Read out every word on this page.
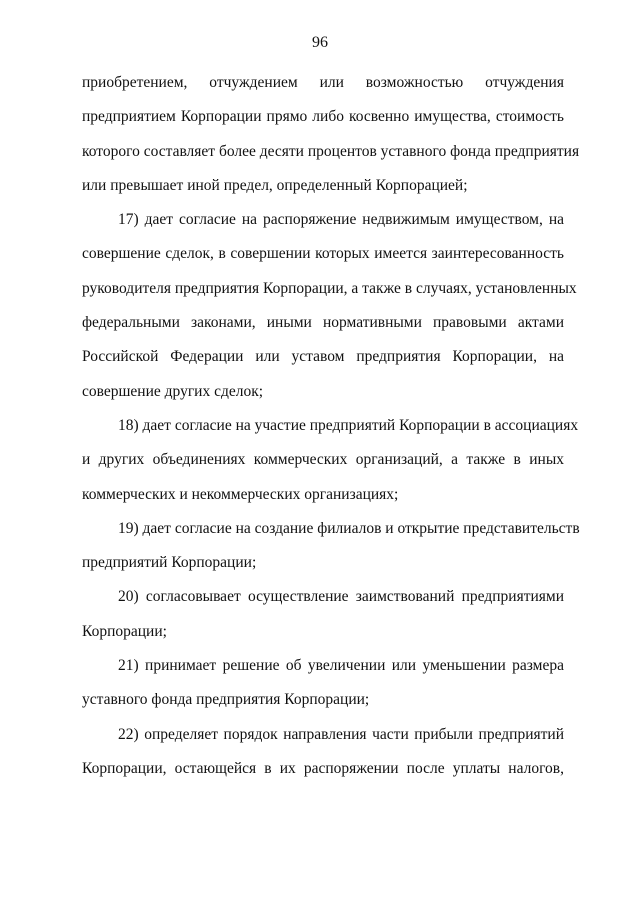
96

приобретением, отчуждением или возможностью отчуждения
предприятием Корпорации прямо либо косвенно имущества, стоимость
которого составляет более десяти процентов уставного фонда предприятия
или превышает иной предел, определенный Корпорацией;

17) дает согласие на распоряжение недвижимым имуществом, на
совершение сделок, в совершении которых имеется заинтересованность
руководителя предприятия Корпорации, а также в случаях, установленных
федеральными законами, иными нормативными правовыми актами
Российской Федерации или уставом предприятия Корпорации, на
совершение других сделок;

18) дает согласие на участие предприятий Корпорации в ассоциациях
и других объединениях коммерческих организаций, а также в иных
коммерческих и некоммерческих организациях;

19) дает согласие на создание филиалов и открытие представительств
предприятий Корпорации;

20) согласовывает осуществление заимствований предприятиями
Корпорации;

21) принимает решение об увеличении или уменьшении размера
уставного фонда предприятия Корпорации;

22) определяет порядок направления части прибыли предприятий
Корпорации, остающейся в их распоряжении после уплаты налогов,
